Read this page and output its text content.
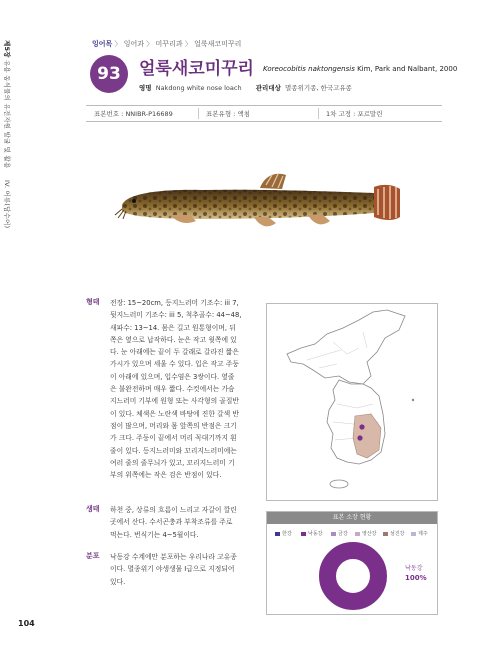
제5장 유용 동식물의 유전자원 발굴 및 활용
IV. 어류(담수어)
잉어목 〉 잉어과 〉 미꾸리과 〉 얼룩새코미꾸리
93	얼룩새코미꾸리 Koreocobitis naktongensis Kim, Park and Nalbant, 2000
영명 Nakdong white nose loach 관리대상 멸종위기종, 한국고유종
표본번호 : NNIBR-P16689	표본유형 : 액침	1차 고정 : 포르말린
형태 전장: 15~20cm, 등지느러미 기조수: iii 7,
뒷지느러미 기조수: iii 5, 척추골수: 44~48,
새파수: 13~14. 몸은 길고 원통형이며, 뒤
쪽은 옆으로 납작하다. 눈은 작고 윗쪽에 있
다. 눈 아래에는 끝이 두 갈래로 갈라진 짧은
가시가 있으며 세울 수 있다. 입은 작고 주둥
이 아래에 있으며, 입수염은 3쌍이다. 옆줄
은 불완전하며 매우 짧다. 수컷에서는 가슴
지느러미 기부에 원형 또는 사각형의 골질반
이 있다. 체색은 노란색 바탕에 진한 갈색 반
점이 많으며, 머리와 몸 앞쪽의 반점은 크기
가 크다. 주둥이 끝에서 머리 꼭대기까지 흰
줄이 있다. 등지느러미와 꼬리지느러미에는
여러 줄의 줄무늬가 있고, 꼬리지느러미 기
부의 위쪽에는 작은 검은 반점이 있다.
생태 하천 중, 상류의 흐름이 느리고 자갈이 깔린
곳에서 산다. 수서곤충과 부착조류를 주로
먹는다. 번식기는 4~5월이다.
분포 낙동강 수계에만 분포하는 우리나라 고유종
이다. 멸종위기 야생생물 I급으로 지정되어
있다.
표본 소장 현황
한강	낙동강	금강	영산강	섬진강	제주
낙동강
100%
104
